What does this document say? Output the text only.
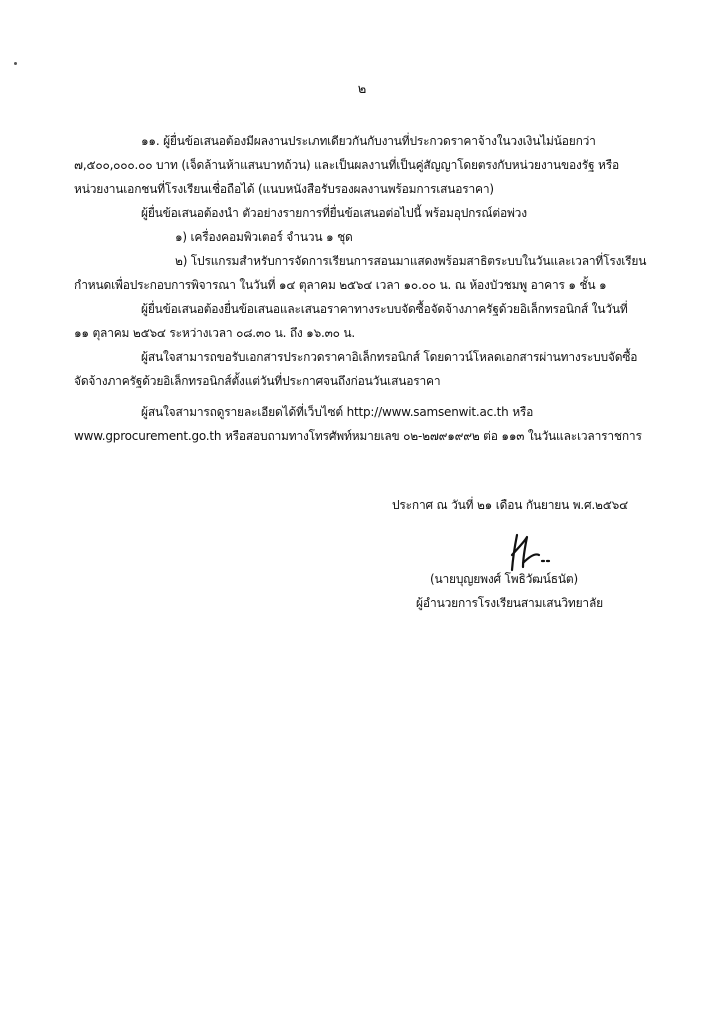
๒
๑๑. ผู้ยื่นข้อเสนอต้องมีผลงานประเภทเดียวกันกับงานที่ประกวดราคาจ้างในวงเงินไม่น้อยกว่า
๗,๕๐๐,๐๐๐.๐๐ บาท (เจ็ดล้านห้าแสนบาทถ้วน) และเป็นผลงานที่เป็นคู่สัญญาโดยตรงกับหน่วยงานของรัฐ หรือ
หน่วยงานเอกชนที่โรงเรียนเชื่อถือได้ (แนบหนังสือรับรองผลงานพร้อมการเสนอราคา)
ผู้ยื่นข้อเสนอต้องนำ ตัวอย่างรายการที่ยื่นข้อเสนอต่อไปนี้ พร้อมอุปกรณ์ต่อพ่วง
๑) เครื่องคอมพิวเตอร์ จำนวน ๑ ชุด
๒) โปรแกรมสำหรับการจัดการเรียนการสอนมาแสดงพร้อมสาธิตระบบในวันและเวลาที่โรงเรียน
กำหนดเพื่อประกอบการพิจารณา ในวันที่ ๑๔ ตุลาคม ๒๕๖๔ เวลา ๑๐.๐๐ น. ณ ห้องบัวชมพู อาคาร ๑ ชั้น ๑
ผู้ยื่นข้อเสนอต้องยื่นข้อเสนอและเสนอราคาทางระบบจัดซื้อจัดจ้างภาครัฐด้วยอิเล็กทรอนิกส์ ในวันที่
๑๑ ตุลาคม ๒๕๖๔ ระหว่างเวลา ๐๘.๓๐ น. ถึง ๑๖.๓๐ น.
ผู้สนใจสามารถขอรับเอกสารประกวดราคาอิเล็กทรอนิกส์ โดยดาวน์โหลดเอกสารผ่านทางระบบจัดซื้อ
จัดจ้างภาครัฐด้วยอิเล็กทรอนิกส์ตั้งแต่วันที่ประกาศจนถึงก่อนวันเสนอราคา
ผู้สนใจสามารถดูรายละเอียดได้ที่เว็บไซต์ http://www.samsenwit.ac.th หรือ
www.gprocurement.go.th หรือสอบถามทางโทรศัพท์หมายเลข ๐๒-๒๗๙๑๙๙๒ ต่อ ๑๑๓ ในวันและเวลาราชการ
ประกาศ ณ วันที่ ๒๑ เดือน กันยายน พ.ศ.๒๕๖๔
(นายบุญยพงศ์ โพธิวัฒน์ธนัต)
ผู้อำนวยการโรงเรียนสามเสนวิทยาลัย
